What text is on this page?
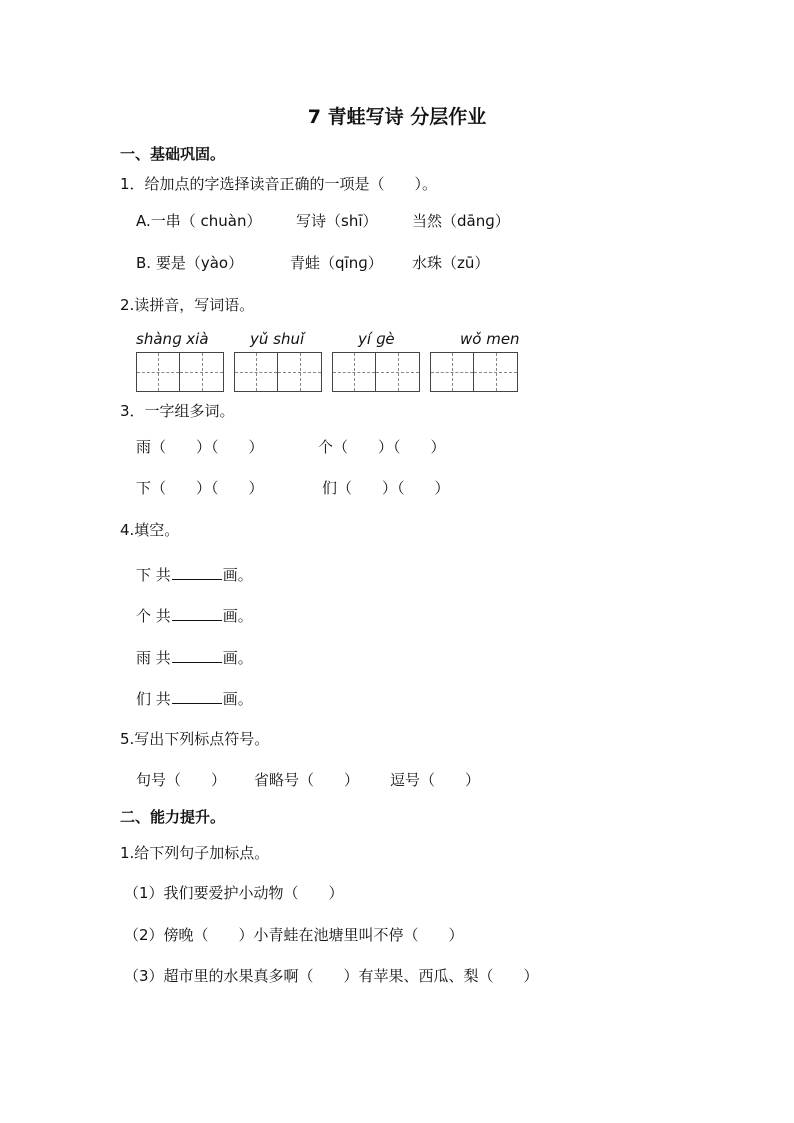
7 青蛙写诗 分层作业
一、基础巩固。
1．给加点的字选择读音正确的一项是（　　）。
A.一串（ chuàn） 写诗（shī） 当然（dānɡ）
B. 要是（yào）	青蛙（qīnɡ） 水珠（zū）
2.读拼音，写词语。
shànɡ xià	yǔ shuǐ	yí ɡè	wǒ men
3．一字组多词。
雨（　　）（　　）	个（　　）（　　）
下（　　）（　　）	们（　　）（　　）
4.填空。
下 共	画。
个 共	画。
雨 共	画。
们 共	画。
5.写出下列标点符号。
句号（　　） 省略号（　　） 逗号（　　）
二、能力提升。
1.给下列句子加标点。
（1）我们要爱护小动物（　　）
（2）傍晚（　　）小青蛙在池塘里叫不停（　　）
（3）超市里的水果真多啊（　　）有苹果、西瓜、梨（　　）
